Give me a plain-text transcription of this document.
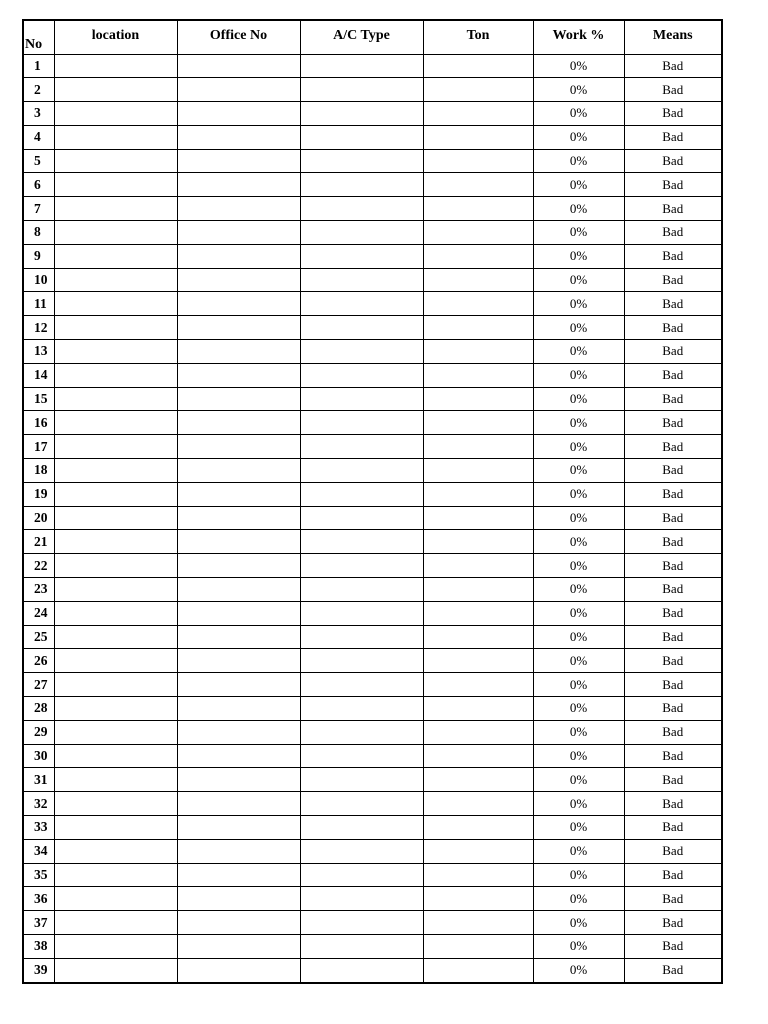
No	location	Office No	A/C Type	Ton	Work %	Means
1					0%	Bad
2					0%	Bad
3					0%	Bad
4					0%	Bad
5					0%	Bad
6					0%	Bad
7					0%	Bad
8					0%	Bad
9					0%	Bad
10					0%	Bad
11					0%	Bad
12					0%	Bad
13					0%	Bad
14					0%	Bad
15					0%	Bad
16					0%	Bad
17					0%	Bad
18					0%	Bad
19					0%	Bad
20					0%	Bad
21					0%	Bad
22					0%	Bad
23					0%	Bad
24					0%	Bad
25					0%	Bad
26					0%	Bad
27					0%	Bad
28					0%	Bad
29					0%	Bad
30					0%	Bad
31					0%	Bad
32					0%	Bad
33					0%	Bad
34					0%	Bad
35					0%	Bad
36					0%	Bad
37					0%	Bad
38					0%	Bad
39					0%	Bad
